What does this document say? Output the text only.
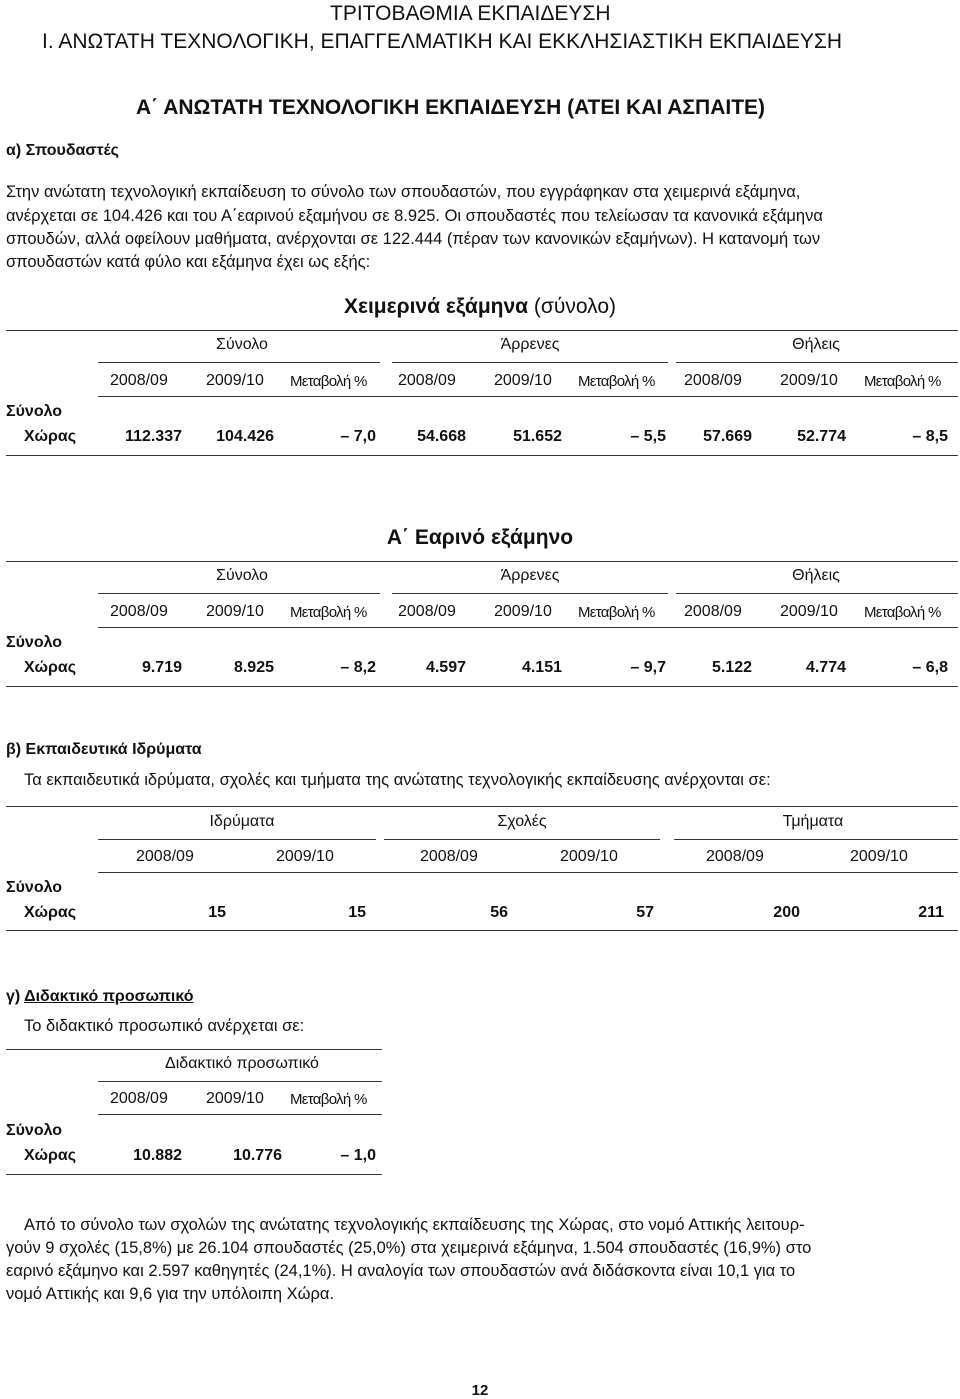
ΤΡΙΤΟΒΑΘΜΙΑ ΕΚΠΑΙΔΕΥΣΗ
Ι. ΑΝΩΤΑΤΗ ΤΕΧΝΟΛΟΓΙΚΗ, ΕΠΑΓΓΕΛΜΑΤΙΚΗ ΚΑΙ ΕΚΚΛΗΣΙΑΣΤΙΚΗ ΕΚΠΑΙΔΕΥΣΗ
Α΄ ΑΝΩΤΑΤΗ ΤΕΧΝΟΛΟΓΙΚΗ ΕΚΠΑΙΔΕΥΣΗ (ΑΤΕΙ ΚΑΙ ΑΣΠΑΙΤΕ)
α) Σπουδαστές
Στην ανώτατη τεχνολογική εκπαίδευση το σύνολο των σπουδαστών, που εγγράφηκαν στα χειμερινά εξάμηνα,
ανέρχεται σε 104.426 και του Α΄εαρινού εξαμήνου σε 8.925. Οι σπουδαστές που τελείωσαν τα κανονικά εξάμηνα
σπουδών, αλλά οφείλουν μαθήματα, ανέρχονται σε 122.444 (πέραν των κανονικών εξαμήνων). Η κατανομή των
σπουδαστών κατά φύλο και εξάμηνα έχει ως εξής:
Χειμερινά εξάμηνα (σύνολο)
Σύνολο	Άρρενες	Θήλεις
2008/09 2009/10 Μεταβολή % 2008/09 2009/10 Μεταβολή % 2008/09 2009/10 Μεταβολή %
Σύνολο
Χώρας	112.337	104.426	– 7,0	54.668	51.652	– 5,5	57.669	52.774	– 8,5
Α΄ Εαρινό εξάμηνο
Σύνολο	Άρρενες	Θήλεις
2008/09 2009/10 Μεταβολή % 2008/09 2009/10 Μεταβολή % 2008/09 2009/10 Μεταβολή %
Σύνολο
Χώρας	9.719	8.925	– 8,2	4.597	4.151	– 9,7	5.122	4.774	– 6,8
β) Εκπαιδευτικά Ιδρύματα
Τα εκπαιδευτικά ιδρύματα, σχολές και τμήματα της ανώτατης τεχνολογικής εκπαίδευσης ανέρχονται σε:
Ιδρύματα	Σχολές	Τμήματα
2008/09	2009/10	2008/09	2009/10	2008/09	2009/10
Σύνολο
Χώρας	15	15	56	57	200	211
γ) Διδακτικό προσωπικό
Το διδακτικό προσωπικό ανέρχεται σε:
Διδακτικό προσωπικό
2008/09 2009/10 Μεταβολή %
Σύνολο
Χώρας	10.882	10.776	– 1,0
Από το σύνολο των σχολών της ανώτατης τεχνολογικής εκπαίδευσης της Χώρας, στο νομό Αττικής λειτουρ-
γούν 9 σχολές (15,8%) με 26.104 σπουδαστές (25,0%) στα χειμερινά εξάμηνα, 1.504 σπουδαστές (16,9%) στο
εαρινό εξάμηνο και 2.597 καθηγητές (24,1%). Η αναλογία των σπουδαστών ανά διδάσκοντα είναι 10,1 για το
νομό Αττικής και 9,6 για την υπόλοιπη Χώρα.
12
